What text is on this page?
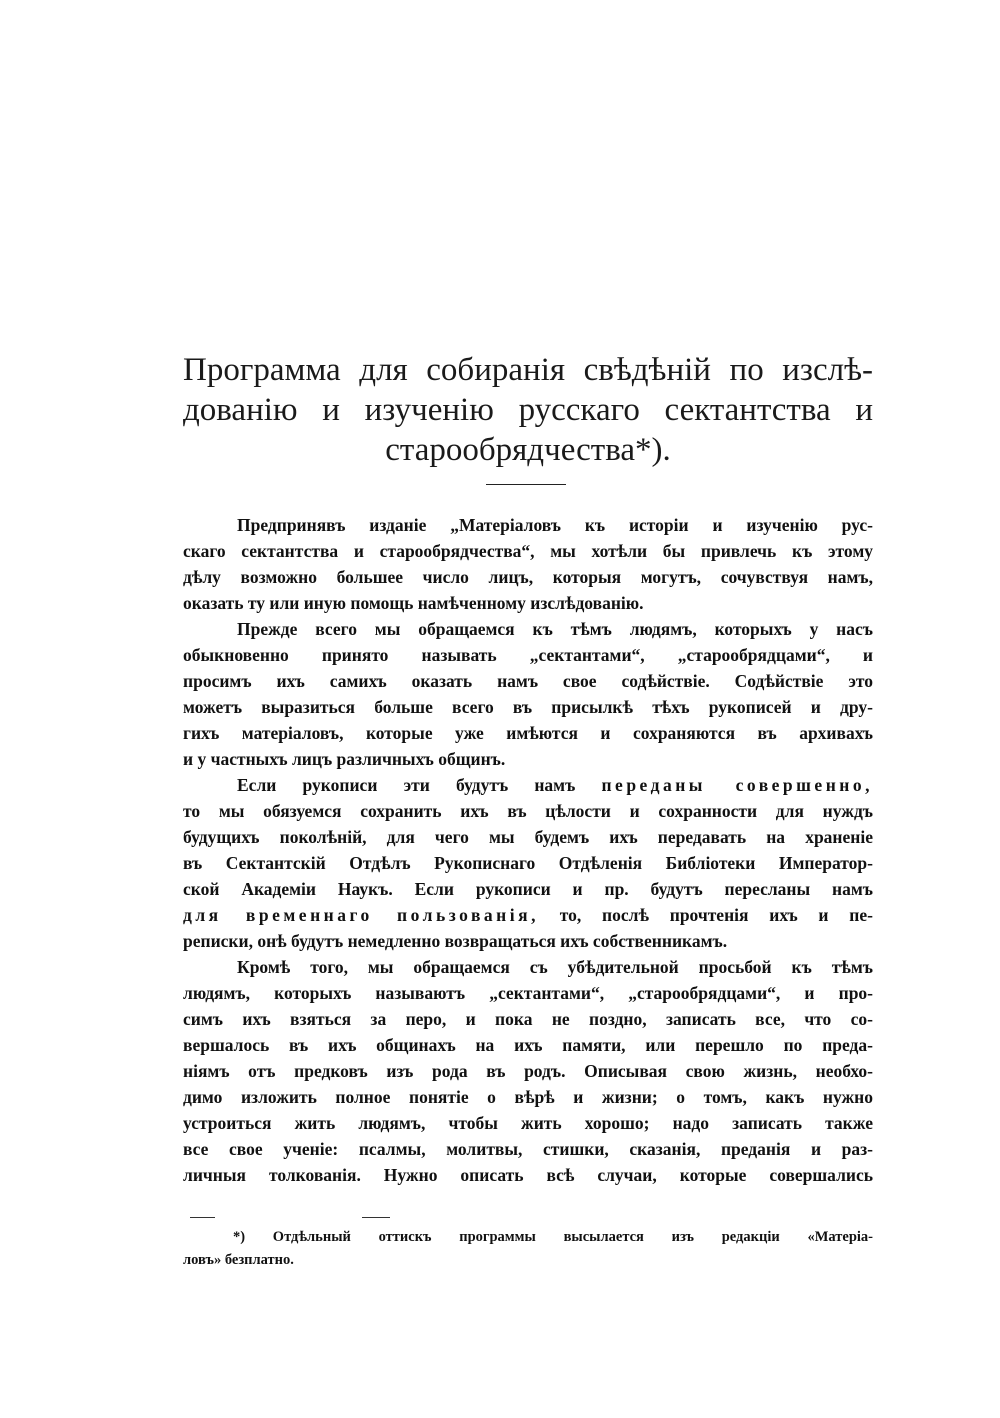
Программа для собиранія свѣдѣній по изслѣ-
дованію и изученію русскаго сектантства и
старообрядчества*).
Предпринявъ изданіе „Матеріаловъ къ исторіи и изученію рус-
скаго сектантства и старообрядчества“, мы хотѣли бы привлечь къ этому
дѣлу возможно большее число лицъ, которыя могутъ, сочувствуя намъ,
оказать ту или иную помощь намѣченному изслѣдованію.
Прежде всего мы обращаемся къ тѣмъ людямъ, которыхъ у насъ
обыкновенно принято называть „сектантами“, „старообрядцами“, и
просимъ ихъ самихъ оказать намъ свое содѣйствіе. Содѣйствіе это
можетъ выразиться больше всего въ присылкѣ тѣхъ рукописей и дру-
гихъ матеріаловъ, которые уже имѣются и сохраняются въ архивахъ
и у частныхъ лицъ различныхъ общинъ.
Если рукописи эти будутъ намъ переданы совершенно,
то мы обязуемся сохранить ихъ въ цѣлости и сохранности для нуждъ
будущихъ поколѣній, для чего мы будемъ ихъ передавать на храненіе
въ Сектантскій Отдѣлъ Рукописнаго Отдѣленія Библіотеки Импеpатор-
ской Академіи Наукъ. Если рукописи и пр. будутъ пересланы намъ
для временнаго пользованія, то, послѣ прочтенія ихъ и пе-
реписки, онѣ будутъ немедленно возвращаться ихъ собственникамъ.
Кромѣ того, мы обращаемся съ убѣдительной просьбой къ тѣмъ
людямъ, которыхъ называютъ „сектантами“, „старообрядцами“, и про-
симъ ихъ взяться за перо, и пока не поздно, записать все, что со-
вершалось въ ихъ общинахъ на ихъ памяти, или перешло по преда-
ніямъ отъ предковъ изъ рода въ родъ. Описывая свою жизнь, необхо-
димо изложить полное понятіе о вѣрѣ и жизни; о томъ, какъ нужно
устроиться жить людямъ, чтобы жить хорошо; надо записать также
все свое ученіе: псалмы, молитвы, стишки, сказанія, преданія и раз-
личныя толкованія. Нужно описать всѣ случаи, которые совершались
*) Отдѣльный оттискъ программы высылается изъ редакціи «Матеріа-
ловъ» безплатно.
